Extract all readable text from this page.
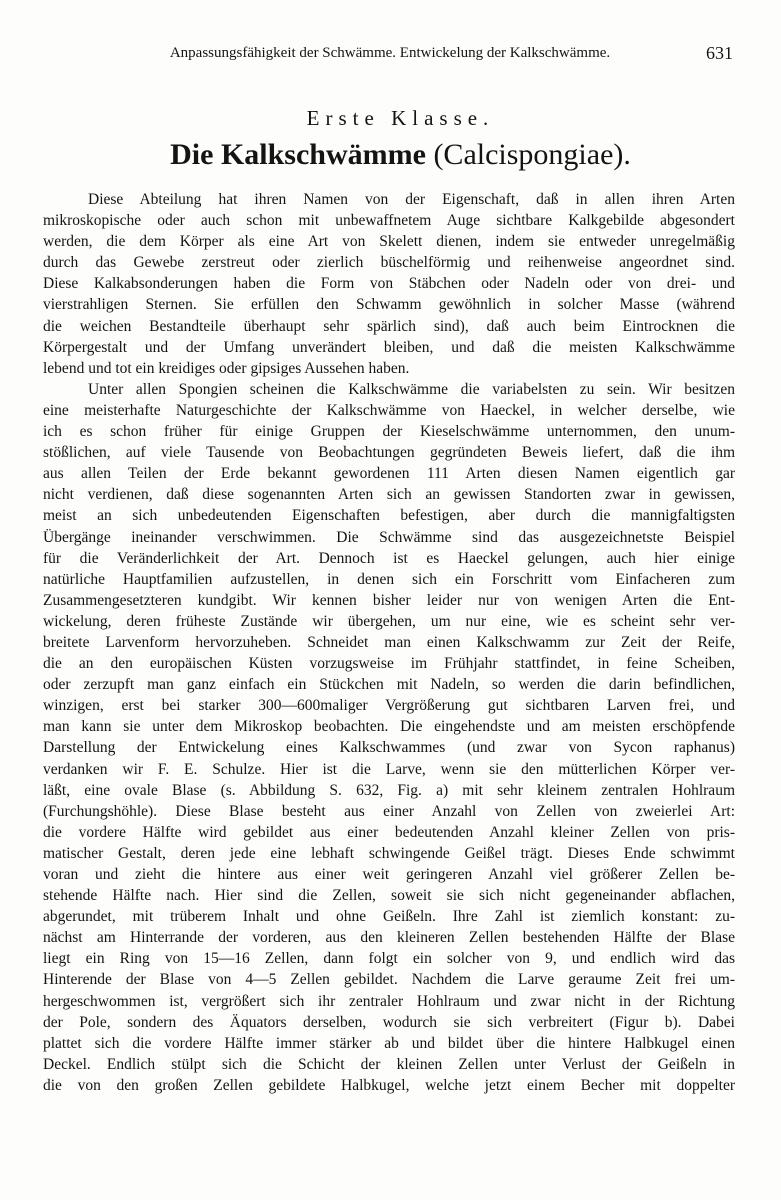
Anpassungsfähigkeit der Schwämme. Entwickelung der Kalkschwämme.	631
Erste Klasse.
Die Kalkschwämme (Calcispongiae).
Diese Abteilung hat ihren Namen von der Eigenschaft, daß in allen ihren Arten
mikroskopische oder auch schon mit unbewaffnetem Auge sichtbare Kalkgebilde abgesondert
werden, die dem Körper als eine Art von Skelett dienen, indem sie entweder unregelmäßig
durch das Gewebe zerstreut oder zierlich büschelförmig und reihenweise angeordnet sind.
Diese Kalkabsonderungen haben die Form von Stäbchen oder Nadeln oder von drei- und
vierstrahligen Sternen. Sie erfüllen den Schwamm gewöhnlich in solcher Masse (während
die weichen Bestandteile überhaupt sehr spärlich sind), daß auch beim Eintrocknen die
Körpergestalt und der Umfang unverändert bleiben, und daß die meisten Kalkschwämme
lebend und tot ein kreidiges oder gipsiges Aussehen haben.
Unter allen Spongien scheinen die Kalkschwämme die variabelsten zu sein. Wir besitzen
eine meisterhafte Naturgeschichte der Kalkschwämme von Haeckel, in welcher derselbe, wie
ich es schon früher für einige Gruppen der Kieselschwämme unternommen, den unum-
stößlichen, auf viele Tausende von Beobachtungen gegründeten Beweis liefert, daß die ihm
aus allen Teilen der Erde bekannt gewordenen 111 Arten diesen Namen eigentlich gar
nicht verdienen, daß diese sogenannten Arten sich an gewissen Standorten zwar in gewissen,
meist an sich unbedeutenden Eigenschaften befestigen, aber durch die mannigfaltigsten
Übergänge ineinander verschwimmen. Die Schwämme sind das ausgezeichnetste Beispiel
für die Veränderlichkeit der Art. Dennoch ist es Haeckel gelungen, auch hier einige
natürliche Hauptfamilien aufzustellen, in denen sich ein Forschritt vom Einfacheren zum
Zusammengesetzteren kundgibt. Wir kennen bisher leider nur von wenigen Arten die Ent-
wickelung, deren früheste Zustände wir übergehen, um nur eine, wie es scheint sehr ver-
breitete Larvenform hervorzuheben. Schneidet man einen Kalkschwamm zur Zeit der Reife,
die an den europäischen Küsten vorzugsweise im Frühjahr stattfindet, in feine Scheiben,
oder zerzupft man ganz einfach ein Stückchen mit Nadeln, so werden die darin befindlichen,
winzigen, erst bei starker 300—600maliger Vergrößerung gut sichtbaren Larven frei, und
man kann sie unter dem Mikroskop beobachten. Die eingehendste und am meisten erschöpfende
Darstellung der Entwickelung eines Kalkschwammes (und zwar von Sycon raphanus)
verdanken wir F. E. Schulze. Hier ist die Larve, wenn sie den mütterlichen Körper ver-
läßt, eine ovale Blase (s. Abbildung S. 632, Fig. a) mit sehr kleinem zentralen Hohlraum
(Furchungshöhle). Diese Blase besteht aus einer Anzahl von Zellen von zweierlei Art:
die vordere Hälfte wird gebildet aus einer bedeutenden Anzahl kleiner Zellen von pris-
matischer Gestalt, deren jede eine lebhaft schwingende Geißel trägt. Dieses Ende schwimmt
voran und zieht die hintere aus einer weit geringeren Anzahl viel größerer Zellen be-
stehende Hälfte nach. Hier sind die Zellen, soweit sie sich nicht gegeneinander abflachen,
abgerundet, mit trüberem Inhalt und ohne Geißeln. Ihre Zahl ist ziemlich konstant: zu-
nächst am Hinterrande der vorderen, aus den kleineren Zellen bestehenden Hälfte der Blase
liegt ein Ring von 15—16 Zellen, dann folgt ein solcher von 9, und endlich wird das
Hinterende der Blase von 4—5 Zellen gebildet. Nachdem die Larve geraume Zeit frei um-
hergeschwommen ist, vergrößert sich ihr zentraler Hohlraum und zwar nicht in der Richtung
der Pole, sondern des Äquators derselben, wodurch sie sich verbreitert (Figur b). Dabei
plattet sich die vordere Hälfte immer stärker ab und bildet über die hintere Halbkugel einen
Deckel. Endlich stülpt sich die Schicht der kleinen Zellen unter Verlust der Geißeln in
die von den großen Zellen gebildete Halbkugel, welche jetzt einem Becher mit doppelter
